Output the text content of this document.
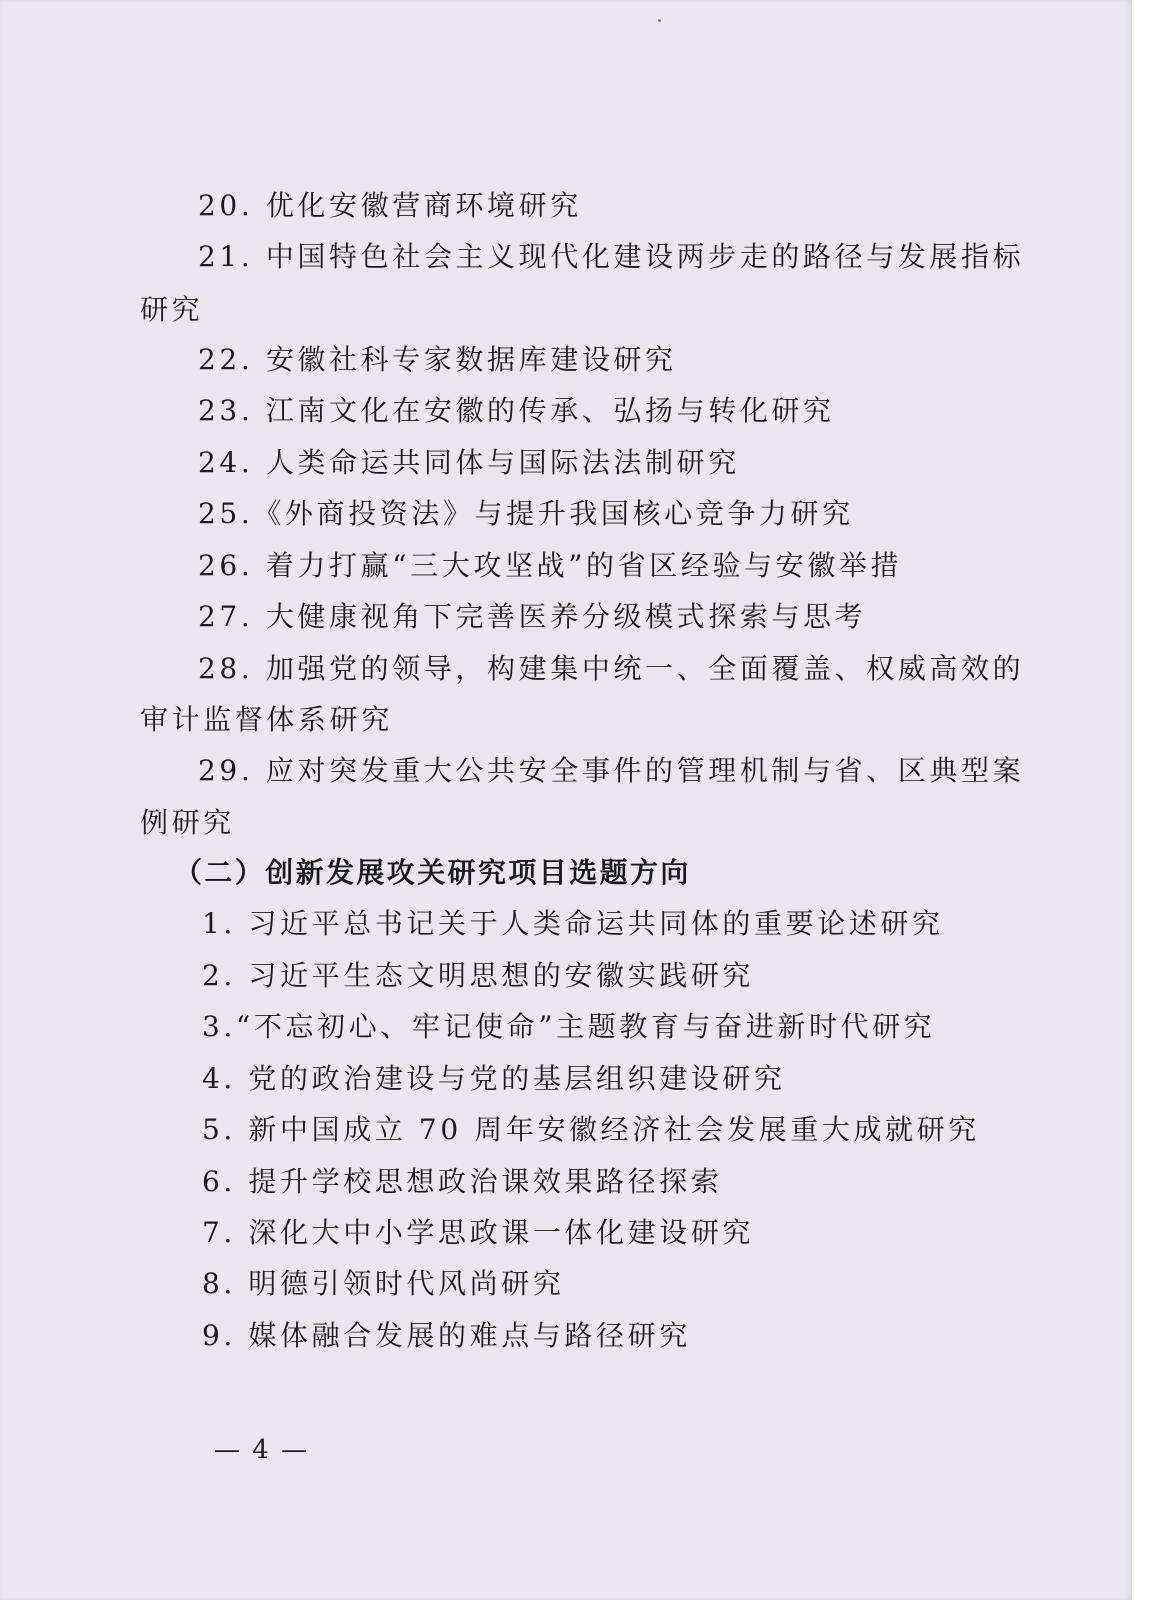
20. 优化安徽营商环境研究
21. 中国特色社会主义现代化建设两步走的路径与发展指标
研究
22. 安徽社科专家数据库建设研究
23. 江南文化在安徽的传承、弘扬与转化研究
24. 人类命运共同体与国际法法制研究
25.《外商投资法》与提升我国核心竞争力研究
26. 着力打赢“三大攻坚战”的省区经验与安徽举措
27. 大健康视角下完善医养分级模式探索与思考
28. 加强党的领导，构建集中统一、全面覆盖、权威高效的
审计监督体系研究
29. 应对突发重大公共安全事件的管理机制与省、区典型案
例研究
（二）创新发展攻关研究项目选题方向
1. 习近平总书记关于人类命运共同体的重要论述研究
2. 习近平生态文明思想的安徽实践研究
3.“不忘初心、牢记使命”主题教育与奋进新时代研究
4. 党的政治建设与党的基层组织建设研究
5. 新中国成立 70 周年安徽经济社会发展重大成就研究
6. 提升学校思想政治课效果路径探索
7. 深化大中小学思政课一体化建设研究
8. 明德引领时代风尚研究
9. 媒体融合发展的难点与路径研究
— 4 —
